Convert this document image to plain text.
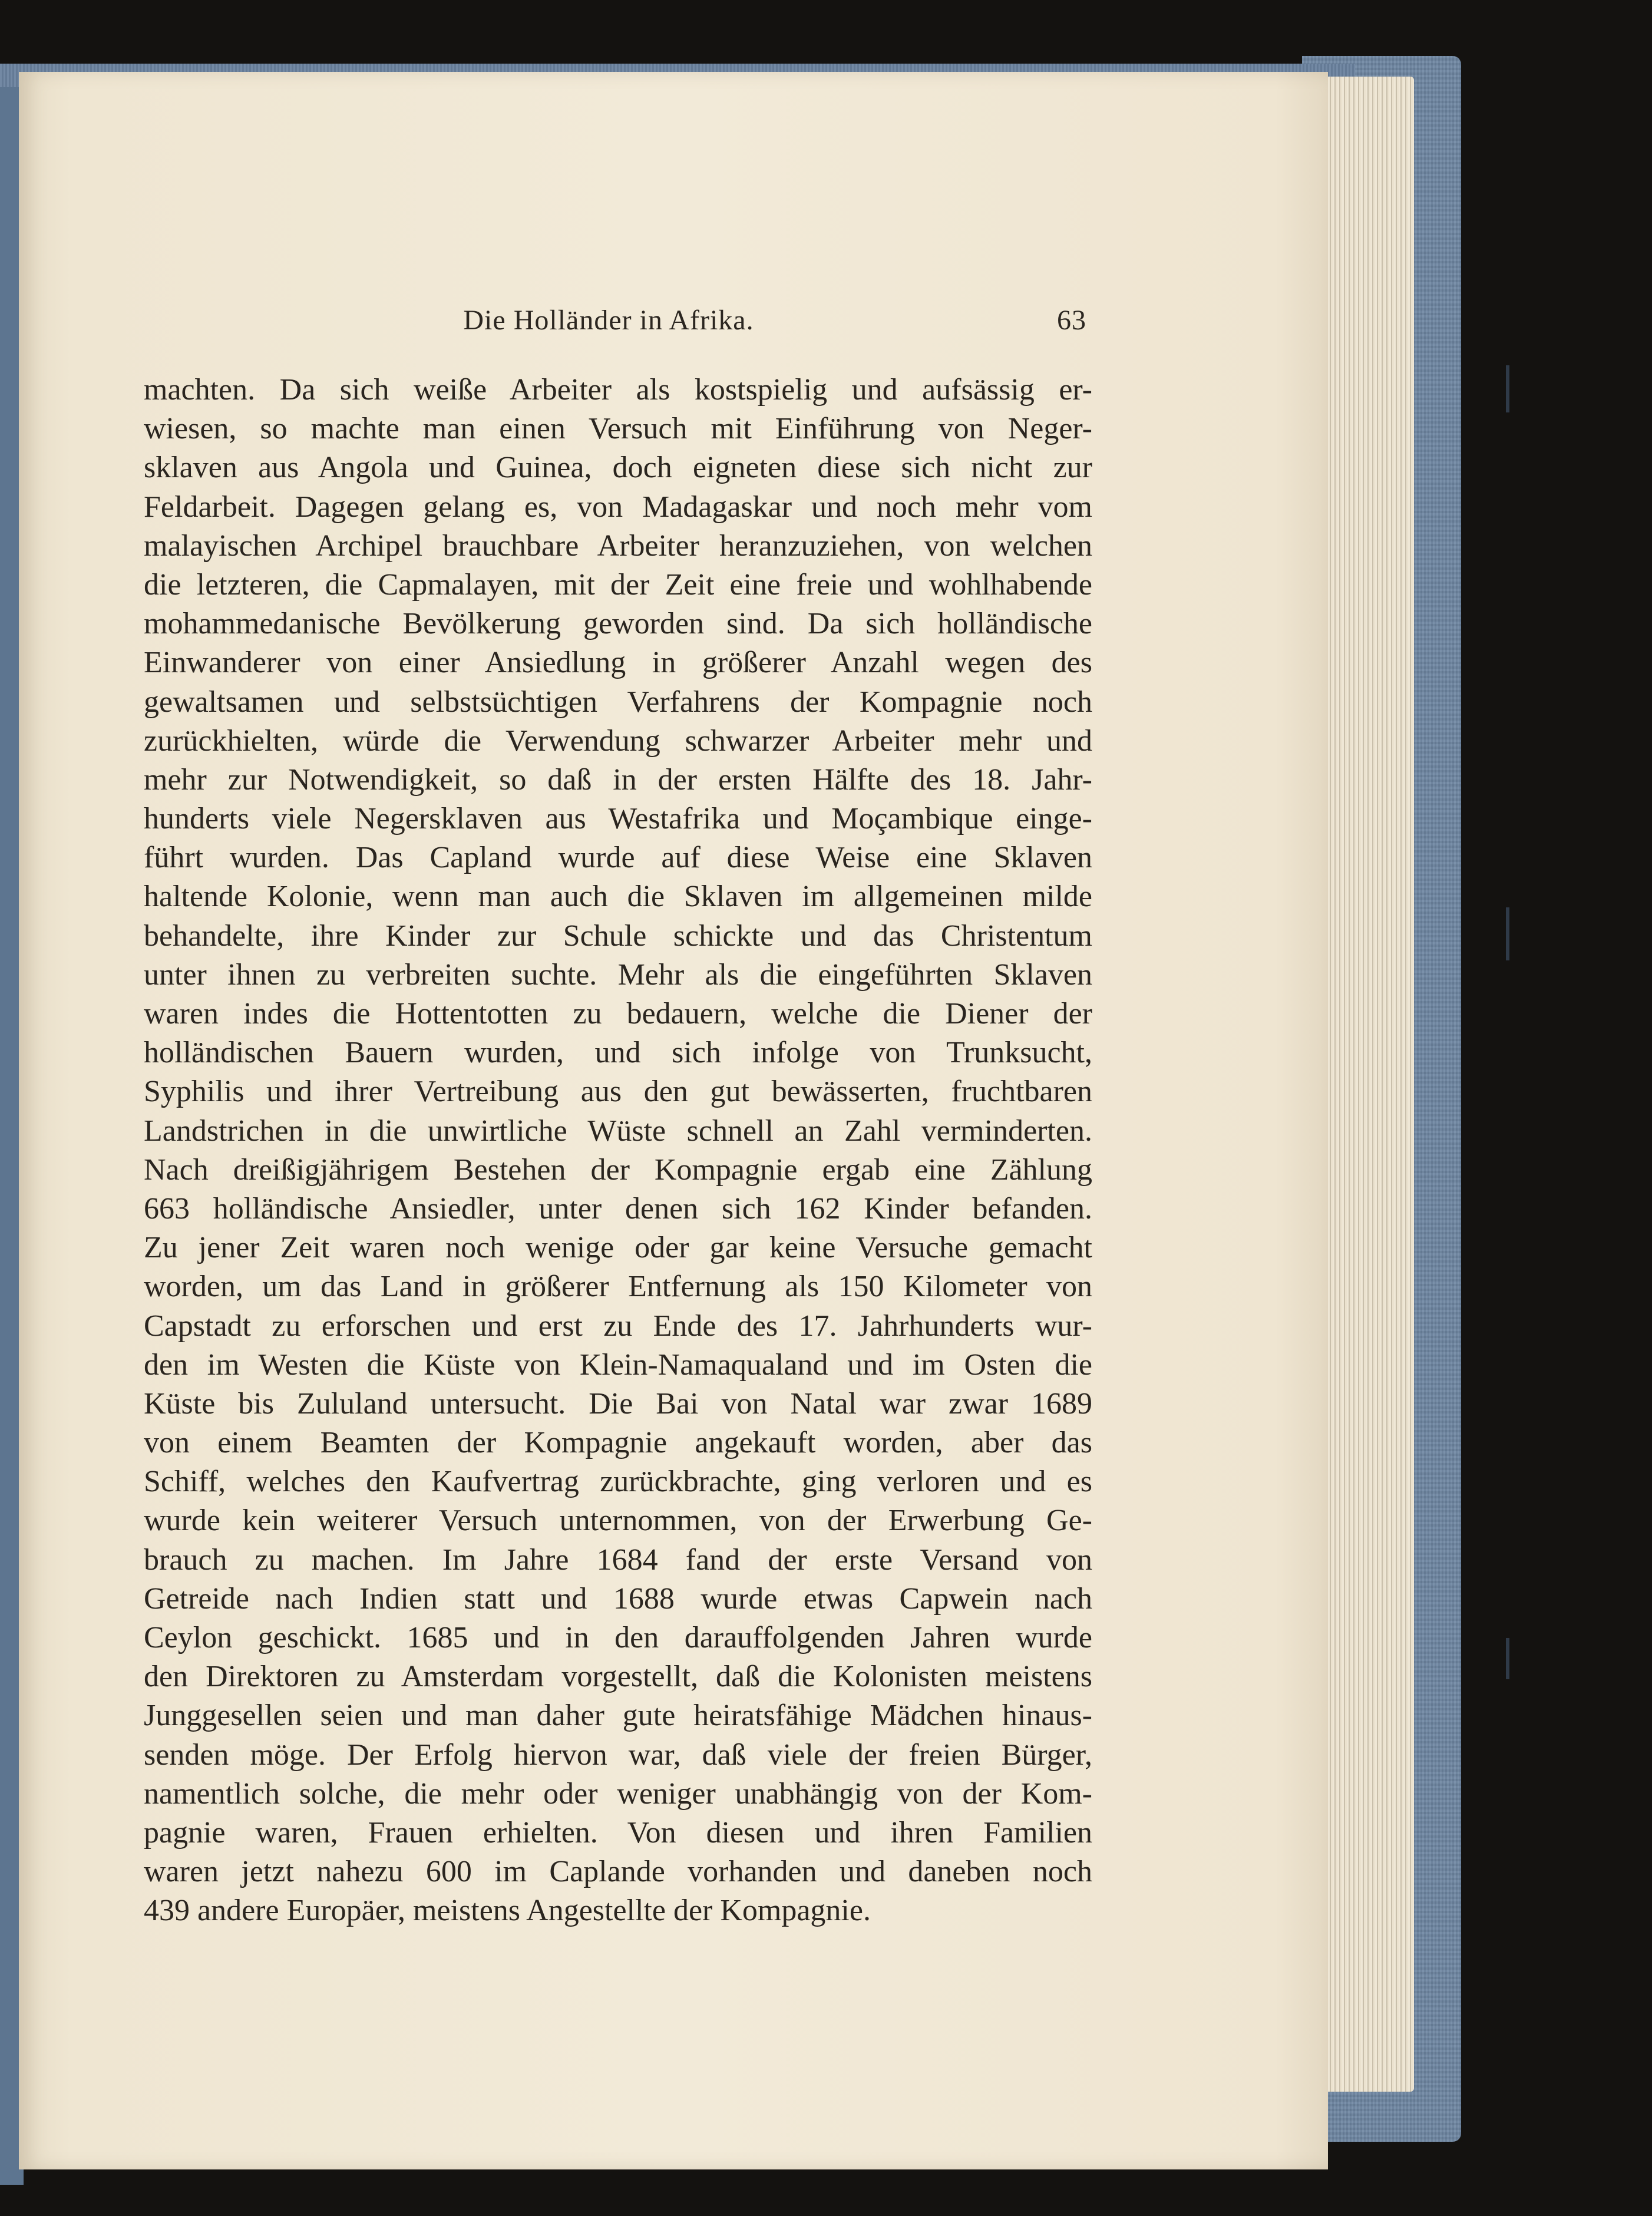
Die Holländer in Afrika.	63
machten. Da sich weiße Arbeiter als kostspielig und aufsässig er-
wiesen, so machte man einen Versuch mit Einführung von Neger-
sklaven aus Angola und Guinea, doch eigneten diese sich nicht zur
Feldarbeit. Dagegen gelang es, von Madagaskar und noch mehr vom
malayischen Archipel brauchbare Arbeiter heranzuziehen, von welchen
die letzteren, die Capmalayen, mit der Zeit eine freie und wohlhabende
mohammedanische Bevölkerung geworden sind. Da sich holländische
Einwanderer von einer Ansiedlung in größerer Anzahl wegen des
gewaltsamen und selbstsüchtigen Verfahrens der Kompagnie noch
zurückhielten, würde die Verwendung schwarzer Arbeiter mehr und
mehr zur Notwendigkeit, so daß in der ersten Hälfte des 18. Jahr-
hunderts viele Negersklaven aus Westafrika und Moçambique einge-
führt wurden. Das Capland wurde auf diese Weise eine Sklaven
haltende Kolonie, wenn man auch die Sklaven im allgemeinen milde
behandelte, ihre Kinder zur Schule schickte und das Christentum
unter ihnen zu verbreiten suchte. Mehr als die eingeführten Sklaven
waren indes die Hottentotten zu bedauern, welche die Diener der
holländischen Bauern wurden, und sich infolge von Trunksucht,
Syphilis und ihrer Vertreibung aus den gut bewässerten, fruchtbaren
Landstrichen in die unwirtliche Wüste schnell an Zahl verminderten.
Nach dreißigjährigem Bestehen der Kompagnie ergab eine Zählung
663 holländische Ansiedler, unter denen sich 162 Kinder befanden.
Zu jener Zeit waren noch wenige oder gar keine Versuche gemacht
worden, um das Land in größerer Entfernung als 150 Kilometer von
Capstadt zu erforschen und erst zu Ende des 17. Jahrhunderts wur-
den im Westen die Küste von Klein-Namaqualand und im Osten die
Küste bis Zululand untersucht. Die Bai von Natal war zwar 1689
von einem Beamten der Kompagnie angekauft worden, aber das
Schiff, welches den Kaufvertrag zurückbrachte, ging verloren und es
wurde kein weiterer Versuch unternommen, von der Erwerbung Ge-
brauch zu machen. Im Jahre 1684 fand der erste Versand von
Getreide nach Indien statt und 1688 wurde etwas Capwein nach
Ceylon geschickt. 1685 und in den darauffolgenden Jahren wurde
den Direktoren zu Amsterdam vorgestellt, daß die Kolonisten meistens
Junggesellen seien und man daher gute heiratsfähige Mädchen hinaus-
senden möge. Der Erfolg hiervon war, daß viele der freien Bürger,
namentlich solche, die mehr oder weniger unabhängig von der Kom-
pagnie waren, Frauen erhielten. Von diesen und ihren Familien
waren jetzt nahezu 600 im Caplande vorhanden und daneben noch
439 andere Europäer, meistens Angestellte der Kompagnie.
